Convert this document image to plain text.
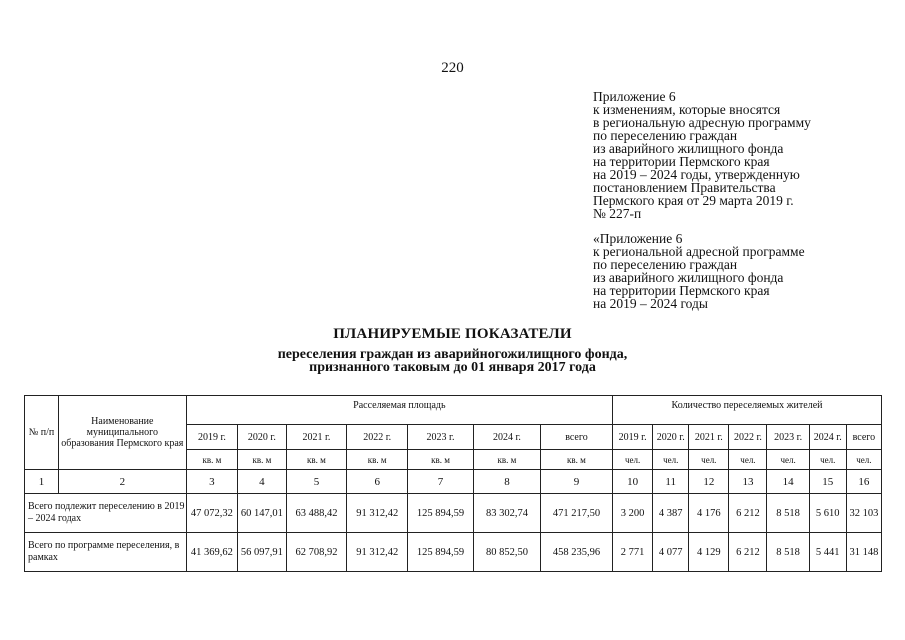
220
Приложение 6
к изменениям, которые вносятся
в региональную адресную программу
по переселению граждан
из аварийного жилищного фонда
на территории Пермского края
на 2019 – 2024 годы, утвержденную
постановлением Правительства
Пермского края от 29 марта 2019 г.
№ 227-п
«Приложение 6
к региональной адресной программе
по переселению граждан
из аварийного жилищного фонда
на территории Пермского края
на 2019 – 2024 годы
ПЛАНИРУЕМЫЕ ПОКАЗАТЕЛИ
переселения граждан из аварийногожилищного фонда,
признанного таковым до 01 января 2017 года
№ п/п	Наименование муниципального образования Пермского края	Расселяемая площадь							Количество переселяемых жителей						
		2019 г.	2020 г.	2021 г.	2022 г.	2023 г.	2024 г.	всего	2019 г.	2020 г.	2021 г.	2022 г.	2023 г.	2024 г.	всего
		кв. м	кв. м	кв. м	кв. м	кв. м	кв. м	кв. м	чел.	чел.	чел.	чел.	чел.	чел.	чел.
1	2	3	4	5	6	7	8	9	10	11	12	13	14	15	16
Всего подлежит переселению в 2019 – 2024 годах		47 072,32	60 147,01	63 488,42	91 312,42	125 894,59	83 302,74	471 217,50	3 200	4 387	4 176	6 212	8 518	5 610	32 103
Всего по программе переселения, в рамках		41 369,62	56 097,91	62 708,92	91 312,42	125 894,59	80 852,50	458 235,96	2 771	4 077	4 129	6 212	8 518	5 441	31 148
